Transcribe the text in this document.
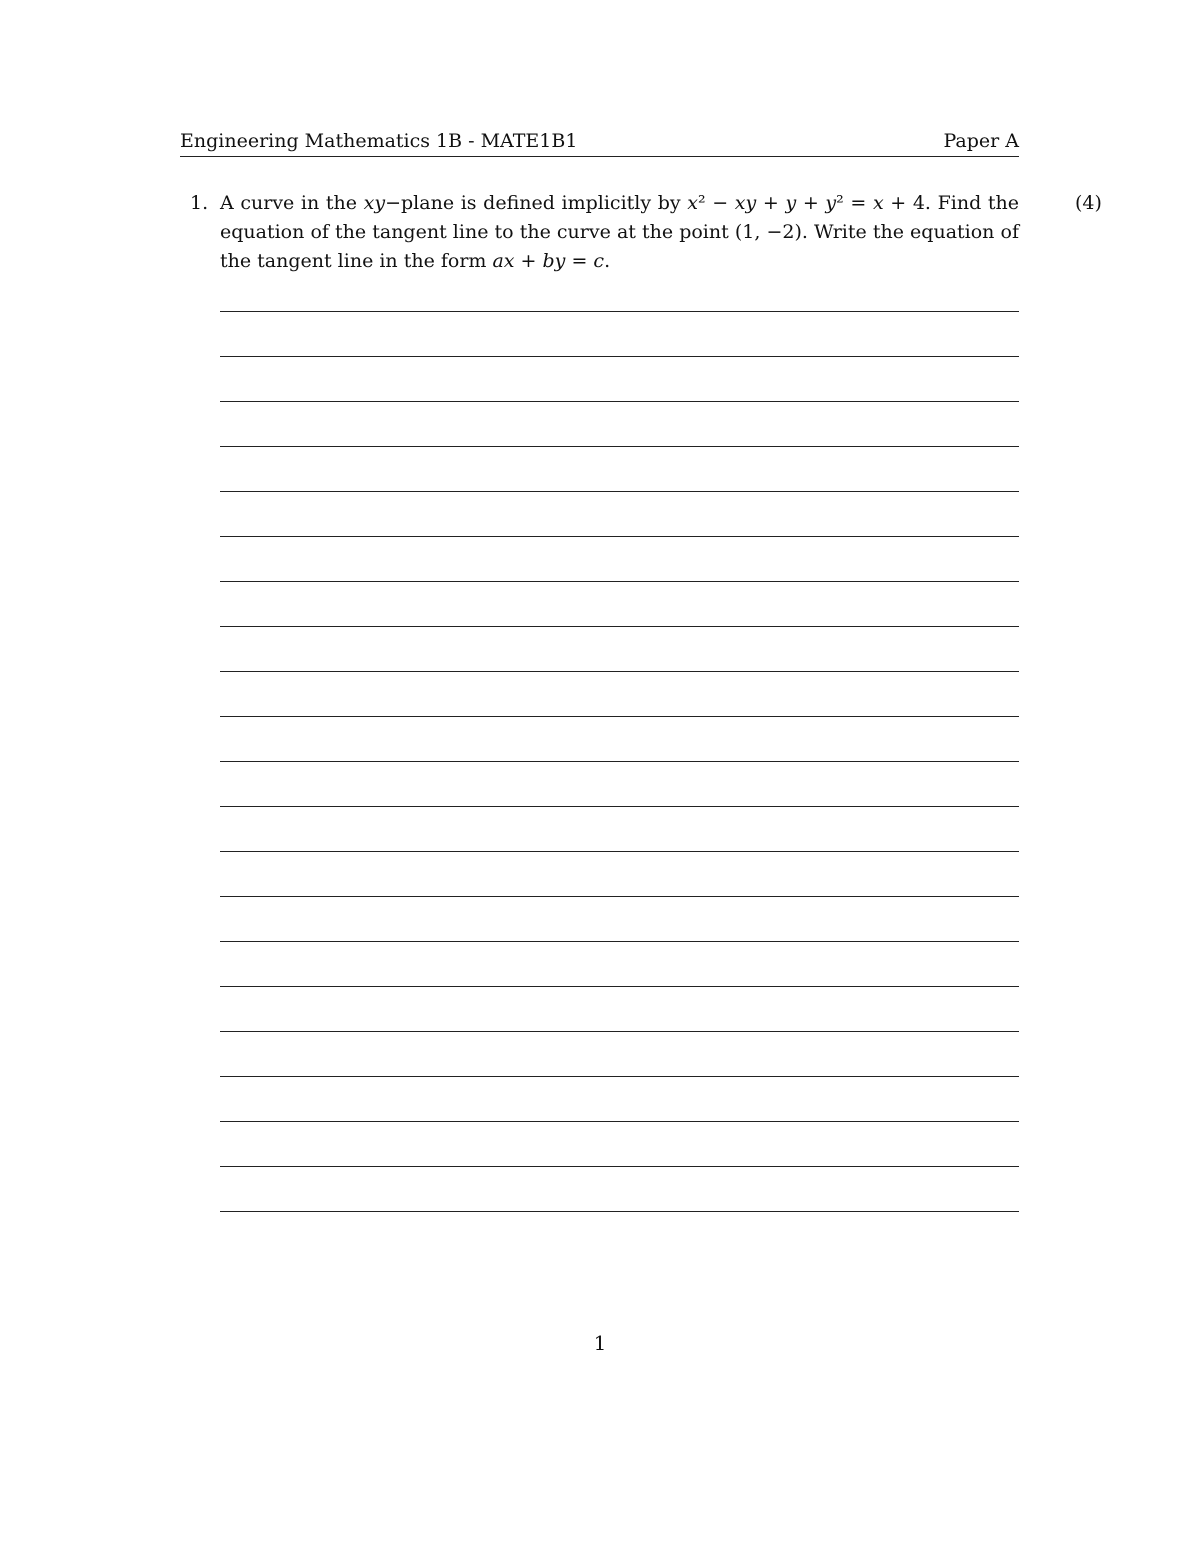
Engineering Mathematics 1B - MATE1B1	Paper A
1. A curve in the xy−plane is defined implicitly by x² − xy + y + y² = x + 4. Find the equation of the tangent line to the curve at the point (1, −2). Write the equation of the tangent line in the form ax + by = c.
(4)
1
